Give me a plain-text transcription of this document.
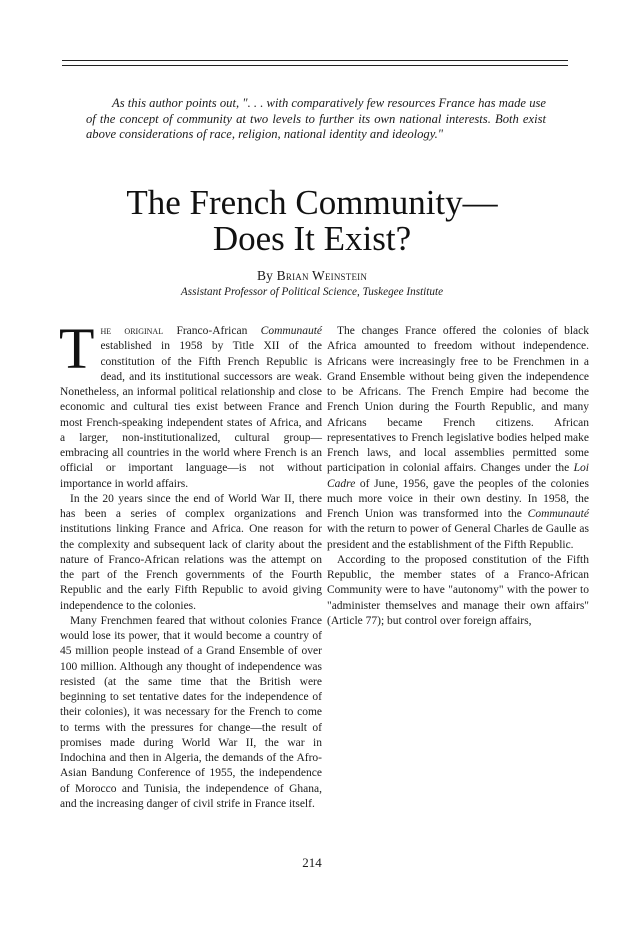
As this author points out, ". . . with comparatively few resources France has made use of the concept of community at two levels to further its own national interests. Both exist above considerations of race, religion, national identity and ideology."
The French Community—
Does It Exist?
By Brian Weinstein
Assistant Professor of Political Science, Tuskegee Institute

The original Franco-African Communauté established in 1958 by Title XII of the constitution of the Fifth French Republic is dead, and its institutional successors are weak. Nonetheless, an informal political relationship and close economic and cultural ties exist between France and most French-speaking independent states of Africa, and a larger, non-institutionalized, cultural group—embracing all countries in the world where French is an official or important language—is not without importance in world affairs.

In the 20 years since the end of World War II, there has been a series of complex organizations and institutions linking France and Africa. One reason for the complexity and subsequent lack of clarity about the nature of Franco-African relations was the attempt on the part of the French governments of the Fourth Republic and the early Fifth Republic to avoid giving independence to the colonies.

Many Frenchmen feared that without colonies France would lose its power, that it would become a country of 45 million people instead of a Grand Ensemble of over 100 million. Although any thought of independence was resisted (at the same time that the British were beginning to set tentative dates for the independence of their colonies), it was necessary for the French to come to terms with the pressures for change—the result of promises made during World War II, the war in Indochina and then in Algeria, the demands of the Afro-Asian Bandung Conference of 1955, the independence of Morocco and Tunisia, the independence of Ghana, and the increasing danger of civil strife in France itself.

The changes France offered the colonies of black Africa amounted to freedom without independence. Africans were increasingly free to be Frenchmen in a Grand Ensemble without being given the independence to be Africans. The French Empire had become the French Union during the Fourth Republic, and many Africans became French citizens. African representatives to French legislative bodies helped make French laws, and local assemblies permitted some participation in colonial affairs. Changes under the Loi Cadre of June, 1956, gave the peoples of the colonies much more voice in their own destiny. In 1958, the French Union was transformed into the Communauté with the return to power of General Charles de Gaulle as president and the establishment of the Fifth Republic.

According to the proposed constitution of the Fifth Republic, the member states of a Franco-African Community were to have "autonomy" with the power to "administer themselves and manage their own affairs" (Article 77); but control over foreign affairs,

214
